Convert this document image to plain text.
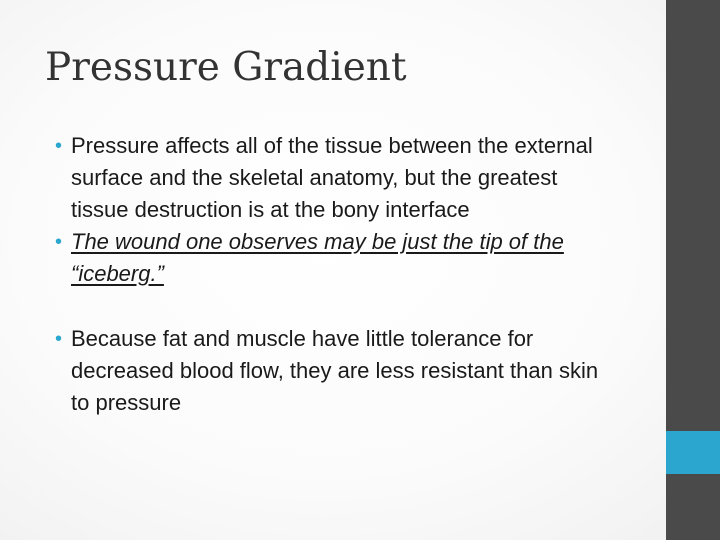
Pressure Gradient
• Pressure affects all of the tissue between the external surface and the skeletal anatomy, but the greatest tissue destruction is at the bony interface
• The wound one observes may be just the tip of the “iceberg.”
• Because fat and muscle have little tolerance for decreased blood flow, they are less resistant than skin to pressure
